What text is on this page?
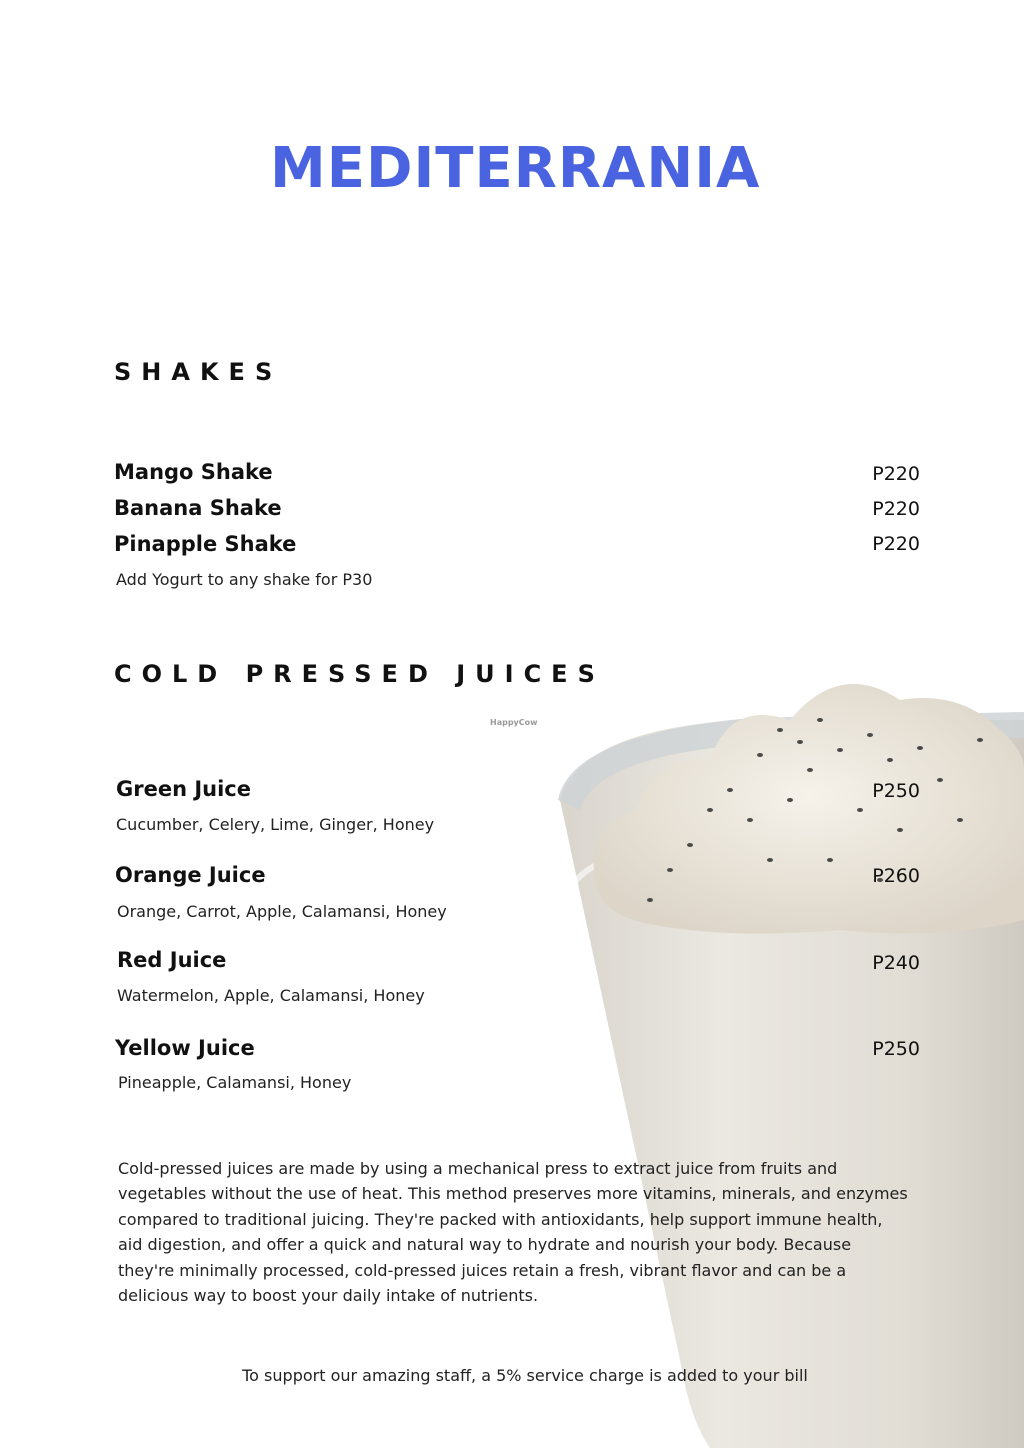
MEDITERRANIA
SHAKES
Mango Shake	P220
Banana Shake	P220
Pinapple Shake	P220
Add Yogurt to any shake for P30
COLD PRESSED JUICES
HappyCow
Green Juice	P250
Cucumber, Celery, Lime, Ginger, Honey
Orange Juice	P260
Orange, Carrot, Apple, Calamansi, Honey
Red Juice	P240
Watermelon, Apple, Calamansi, Honey
Yellow Juice	P250
Pineapple, Calamansi, Honey
Cold-pressed juices are made by using a mechanical press to extract juice from fruits and vegetables without the use of heat. This method preserves more vitamins, minerals, and enzymes compared to traditional juicing. They're packed with antioxidants, help support immune health, aid digestion, and offer a quick and natural way to hydrate and nourish your body. Because they're minimally processed, cold-pressed juices retain a fresh, vibrant flavor and can be a delicious way to boost your daily intake of nutrients.
To support our amazing staff, a 5% service charge is added to your bill
